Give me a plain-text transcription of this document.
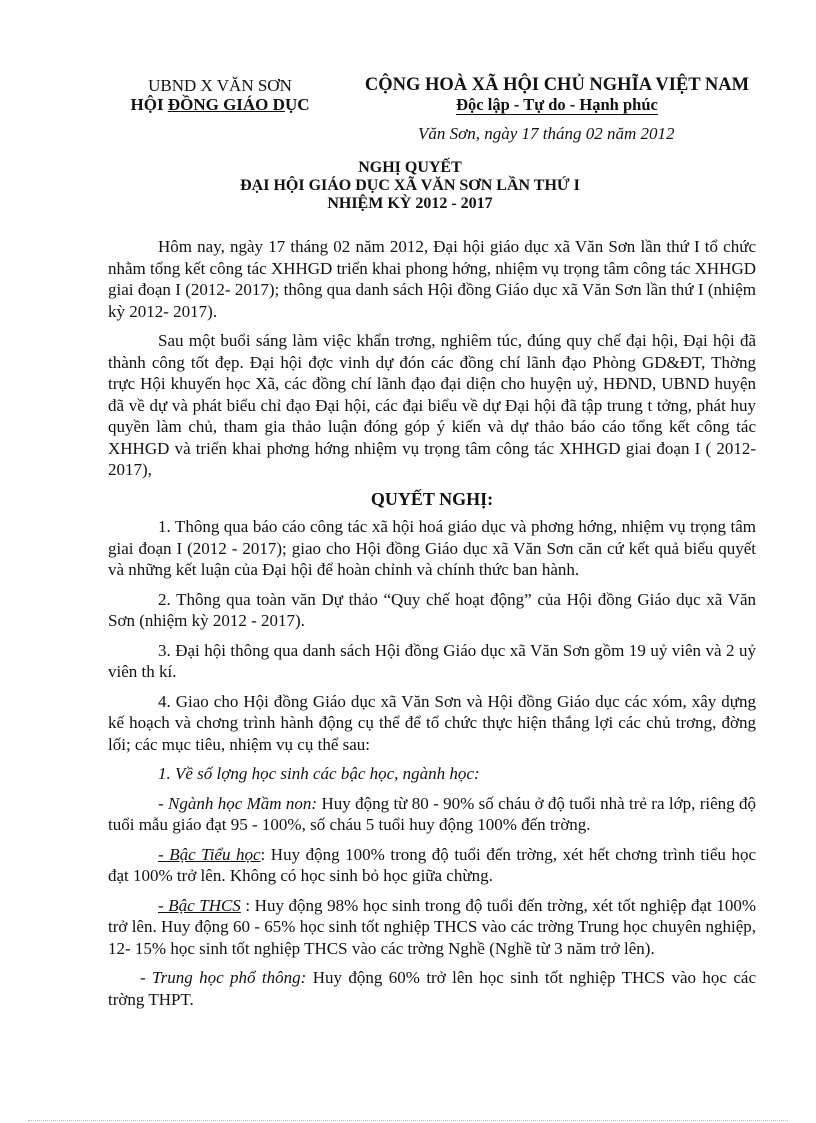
UBND X VĂN SƠN
HỘI ĐỒNG GIÁO DỤC
CỘNG HOÀ XÃ HỘI CHỦ NGHĨA VIỆT NAM
Độc lập - Tự do - Hạnh phúc
Văn Sơn, ngày 17 tháng 02 năm 2012
NGHỊ QUYẾT
ĐẠI HỘI GIÁO DỤC XÃ VĂN SƠN LẦN THỨ I
NHIỆM KỲ 2012 - 2017

Hôm nay, ngày 17 tháng 02 năm 2012, Đại hội giáo dục xã Văn Sơn lần thứ I tổ chức nhằm tổng kết công tác XHHGD triển khai phong hớng, nhiệm vụ trọng tâm công tác XHHGD giai đoạn I (2012- 2017); thông qua danh sách Hội đồng Giáo dục xã Văn Sơn lần thứ I (nhiệm kỳ 2012- 2017).

Sau một buổi sáng làm việc khẩn trơng, nghiêm túc, đúng quy chế đại hội, Đại hội đã thành công tốt đẹp. Đại hội đợc vinh dự đón các đồng chí lãnh đạo Phòng GD&ĐT, Thờng trực Hội khuyến học Xã, các đồng chí lãnh đạo đại diện cho huyện uỷ, HĐND, UBND huyện đã về dự và phát biểu chỉ đạo Đại hội, các đại biểu về dự Đại hội đã tập trung t tởng, phát huy quyền làm chủ, tham gia thảo luận đóng góp ý kiến và dự thảo báo cáo tổng kết công tác XHHGD và triển khai phơng hớng nhiệm vụ trọng tâm công tác XHHGD giai đoạn I ( 2012- 2017),

QUYẾT NGHỊ:

1. Thông qua báo cáo công tác xã hội hoá giáo dục và phơng hớng, nhiệm vụ trọng tâm giai đoạn I (2012 - 2017); giao cho Hội đồng Giáo dục xã Văn Sơn căn cứ kết quả biểu quyết và những kết luận của Đại hội để hoàn chỉnh và chính thức ban hành.

2. Thông qua toàn văn Dự thảo “Quy chế hoạt động” của Hội đồng Giáo dục xã Văn Sơn (nhiệm kỳ 2012 - 2017).

3. Đại hội thông qua danh sách Hội đồng Giáo dục xã Văn Sơn gồm 19 uỷ viên và 2 uỷ viên th kí.

4. Giao cho Hội đồng Giáo dục xã Văn Sơn và Hội đồng Giáo dục các xóm, xây dựng kế hoạch và chơng trình hành động cụ thể để tổ chức thực hiện thắng lợi các chủ trơng, đờng lối; các mục tiêu, nhiệm vụ cụ thể sau:

1. Về số lợng học sinh các bậc học, ngành học:

- Ngành học Mầm non: Huy động từ 80 - 90% số cháu ở độ tuổi nhà trẻ ra lớp, riêng độ tuổi mẫu giáo đạt 95 - 100%, số cháu 5 tuổi huy động 100% đến trờng.

- Bậc Tiểu học: Huy động 100% trong độ tuổi đến trờng, xét hết chơng trình tiểu học đạt 100% trở lên. Không có học sinh bỏ học giữa chừng.

- Bậc THCS : Huy động 98% học sinh trong độ tuổi đến trờng, xét tốt nghiệp đạt 100% trở lên. Huy động 60 - 65% học sinh tốt nghiệp THCS vào các trờng Trung học chuyên nghiệp, 12- 15% học sinh tốt nghiệp THCS vào các trờng Nghề (Nghề từ 3 năm trở lên).

- Trung học phổ thông: Huy động 60% trở lên học sinh tốt nghiệp THCS vào học các trờng THPT.
